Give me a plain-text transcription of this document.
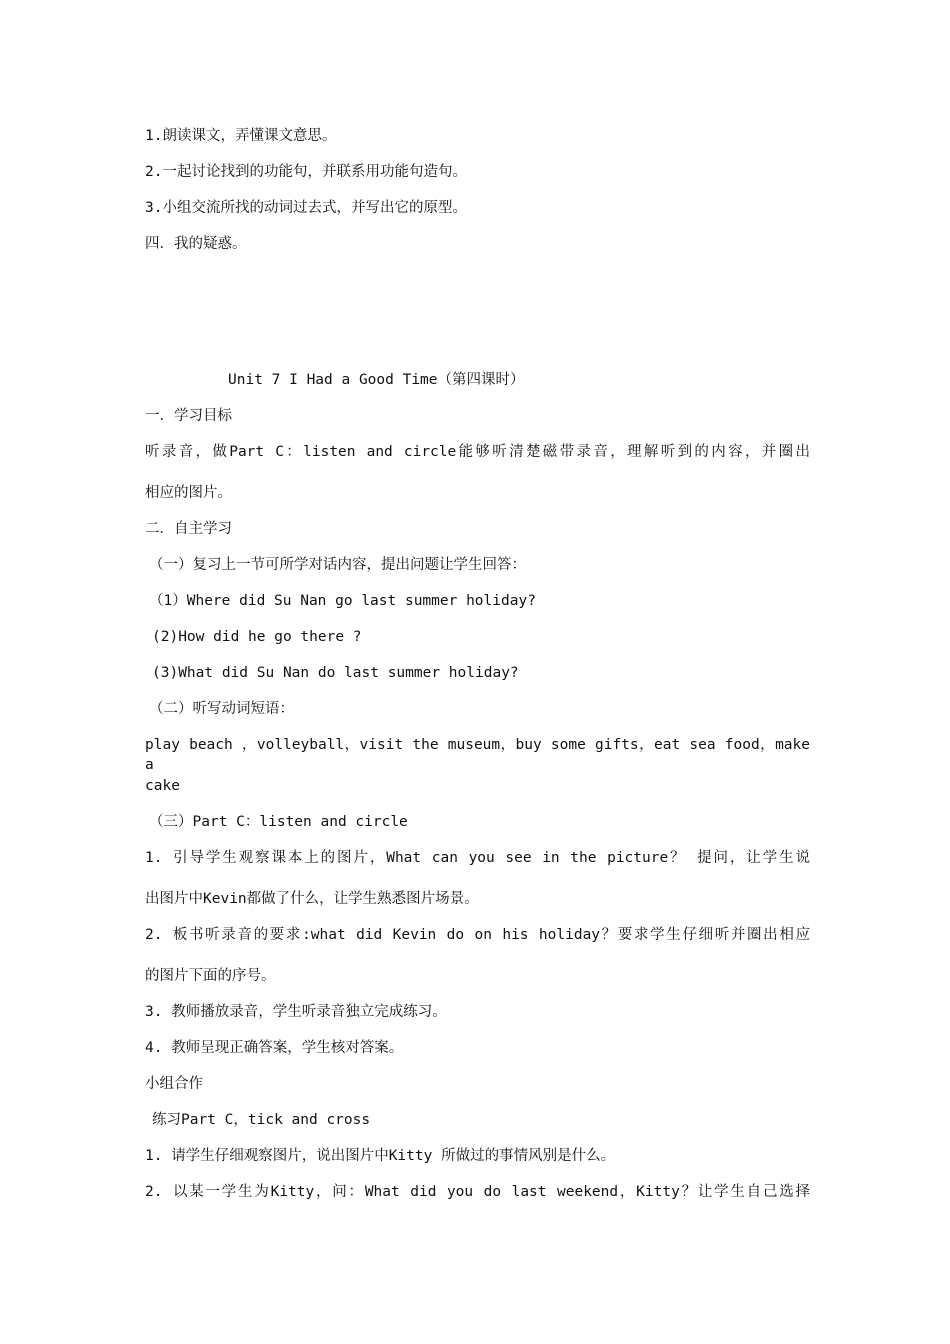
1.朗读课文，弄懂课文意思。
2.一起讨论找到的功能句，并联系用功能句造句。
3.小组交流所找的动词过去式，并写出它的原型。
四．我的疑惑。
Unit 7 I Had a Good Time（第四课时）
一．学习目标
听录音，做Part C：listen and circle能够听清楚磁带录音，理解听到的内容，并圈出
相应的图片。
二．自主学习
（一）复习上一节可所学对话内容，提出问题让学生回答：
（1）Where did Su Nan go last summer holiday?
(2)How did he go there ?
(3)What did Su Nan do last summer holiday?
（二）听写动词短语：
play beach ，volleyball，visit the museum，buy some gifts，eat sea food，make a
cake
（三）Part C：listen and circle
1. 引导学生观察课本上的图片，What can you see in the picture？ 提问，让学生说
出图片中Kevin都做了什么，让学生熟悉图片场景。
2. 板书听录音的要求:what did Kevin do on his holiday？要求学生仔细听并圈出相应
的图片下面的序号。
3. 教师播放录音，学生听录音独立完成练习。
4. 教师呈现正确答案，学生核对答案。
小组合作
练习Part C，tick and cross
1. 请学生仔细观察图片，说出图片中Kitty 所做过的事情风别是什么。
2. 以某一学生为Kitty，问：What did you do last weekend，Kitty？让学生自己选择
